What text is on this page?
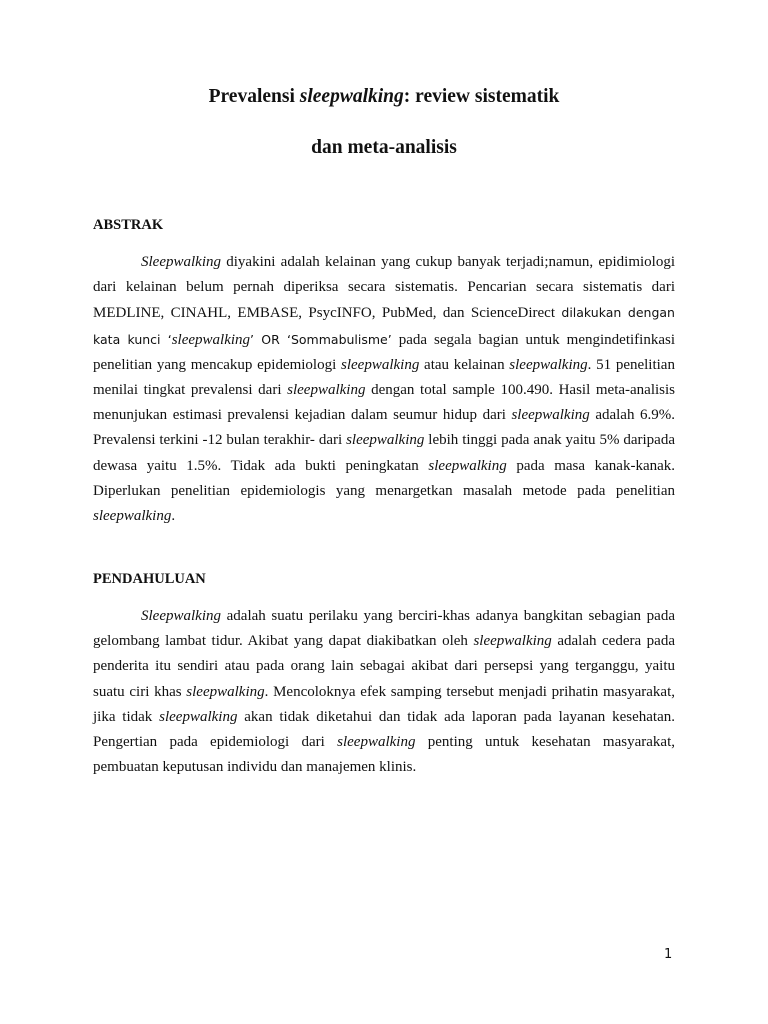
Prevalensi sleepwalking: review sistematik
dan meta-analisis
ABSTRAK

Sleepwalking diyakini adalah kelainan yang cukup banyak terjadi;namun, epidimiologi dari kelainan belum pernah diperiksa secara sistematis. Pencarian secara sistematis dari MEDLINE, CINAHL, EMBASE, PsycINFO, PubMed, dan ScienceDirect dilakukan dengan kata kunci ‘sleepwalking’ OR ‘Sommabulisme’ pada segala bagian untuk mengindetifinkasi penelitian yang mencakup epidemiologi sleepwalking atau kelainan sleepwalking. 51 penelitian menilai tingkat prevalensi dari sleepwalking dengan total sample 100.490. Hasil meta-analisis menunjukan estimasi prevalensi kejadian dalam seumur hidup dari sleepwalking adalah 6.9%. Prevalensi terkini -12 bulan terakhir- dari sleepwalking lebih tinggi pada anak yaitu 5% daripada dewasa yaitu 1.5%. Tidak ada bukti peningkatan sleepwalking pada masa kanak-kanak. Diperlukan penelitian epidemiologis yang menargetkan masalah metode pada penelitian sleepwalking.

PENDAHULUAN

Sleepwalking adalah suatu perilaku yang berciri-khas adanya bangkitan sebagian pada gelombang lambat tidur. Akibat yang dapat diakibatkan oleh sleepwalking adalah cedera pada penderita itu sendiri atau pada orang lain sebagai akibat dari persepsi yang terganggu, yaitu suatu ciri khas sleepwalking. Mencoloknya efek samping tersebut menjadi prihatin masyarakat, jika tidak sleepwalking akan tidak diketahui dan tidak ada laporan pada layanan kesehatan. Pengertian pada epidemiologi dari sleepwalking penting untuk kesehatan masyarakat, pembuatan keputusan individu dan manajemen klinis.

1
